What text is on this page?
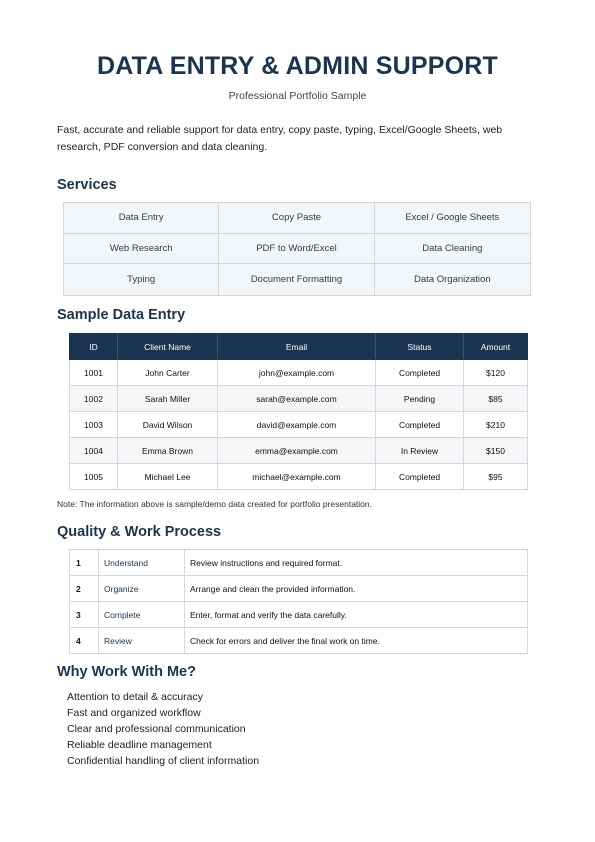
DATA ENTRY & ADMIN SUPPORT
Professional Portfolio Sample

Fast, accurate and reliable support for data entry, copy paste, typing, Excel/Google Sheets, web research, PDF conversion and data cleaning.

Services
Data Entry	Copy Paste	Excel / Google Sheets
Web Research	PDF to Word/Excel	Data Cleaning
Typing	Document Formatting	Data Organization
Sample Data Entry
ID	Client Name	Email	Status	Amount
1001	John Carter	john@example.com	Completed	$120
1002	Sarah Miller	sarah@example.com	Pending	$85
1003	David Wilson	david@example.com	Completed	$210
1004	Emma Brown	emma@example.com	In Review	$150
1005	Michael Lee	michael@example.com	Completed	$95
Note: The information above is sample/demo data created for portfolio presentation.
Quality & Work Process
1	Understand	Review instructions and required format.
2	Organize	Arrange and clean the provided information.
3	Complete	Enter, format and verify the data carefully.
4	Review	Check for errors and deliver the final work on time.
Why Work With Me?
Attention to detail & accuracy
Fast and organized workflow
Clear and professional communication
Reliable deadline management
Confidential handling of client information
